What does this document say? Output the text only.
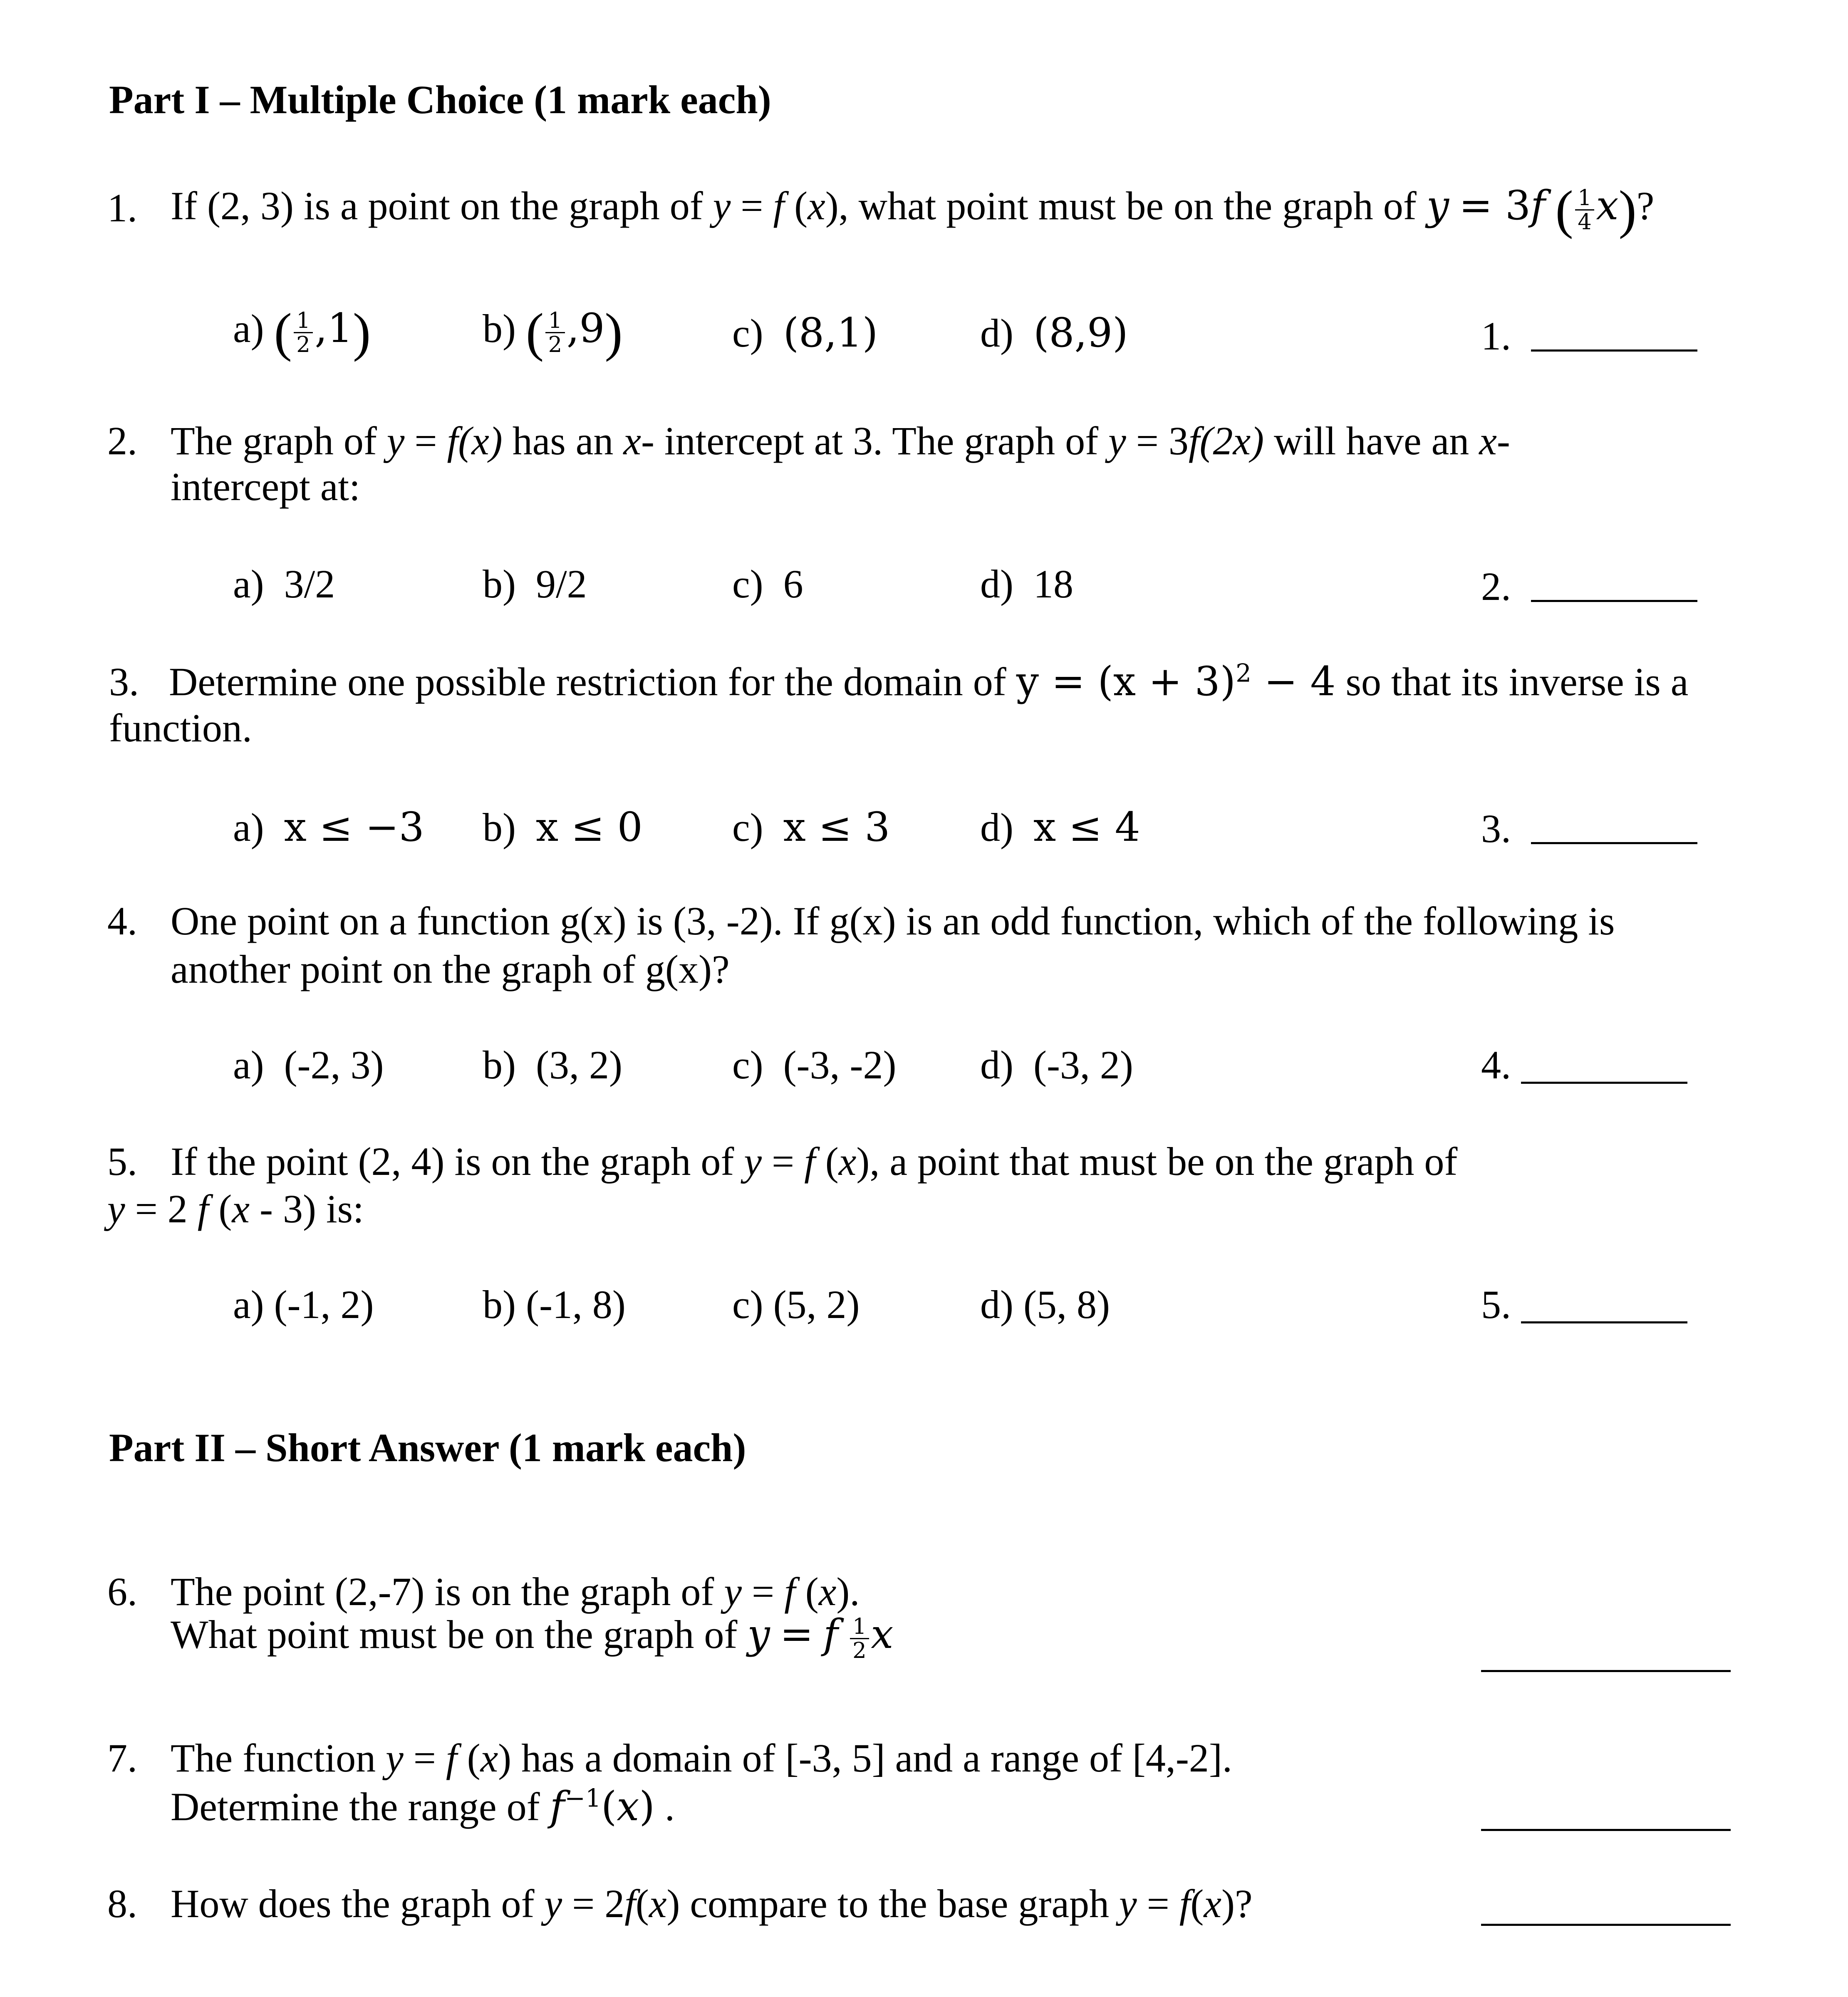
Part I – Multiple Choice (1 mark each)
1. If (2, 3) is a point on the graph of y = f (x), what point must be on the graph of y = 3f ( $\frac{1}{4} x$)?
a) ( $\frac{1}{2} ,1$)	b) ( $\frac{1}{2} ,9$)	c) (8,1)	d) (8,9)	1.
2. The graph of y = f(x) has an x- intercept at 3. The graph of y = 3f(2x) will have an x-
intercept at:
a) 3/2	b) 9/2	c) 6	d) 18	2.
3. Determine one possible restriction for the domain of $y = (x + 3)^2 - 4$ so that its inverse is a
function.
a) x ≤ −3 b) x ≤ 0 c) x ≤ 3 d) x ≤ 4	3.
4. One point on a function g(x) is (3, -2). If g(x) is an odd function, which of the following is
another point on the graph of g(x)?
a) (-2, 3) b) (3, 2)	c) (-3, -2) d) (-3, 2)	4.
5. If the point (2, 4) is on the graph of y = f (x), a point that must be on the graph of
y = 2 f (x - 3) is:
a) (-1, 2)	b) (-1, 8)	c) (5, 2)	d) (5, 8)	5.
Part II – Short Answer (1 mark each)
6. The point (2,-7) is on the graph of y = f (x).
What point must be on the graph of y = f $\frac{1}{2}$ x
7. The function y = f (x) has a domain of [-3, 5] and a range of [4,-2].
Determine the range of $f^{-1}(x)$ .
8. How does the graph of y = 2f(x) compare to the base graph y = f(x)?
